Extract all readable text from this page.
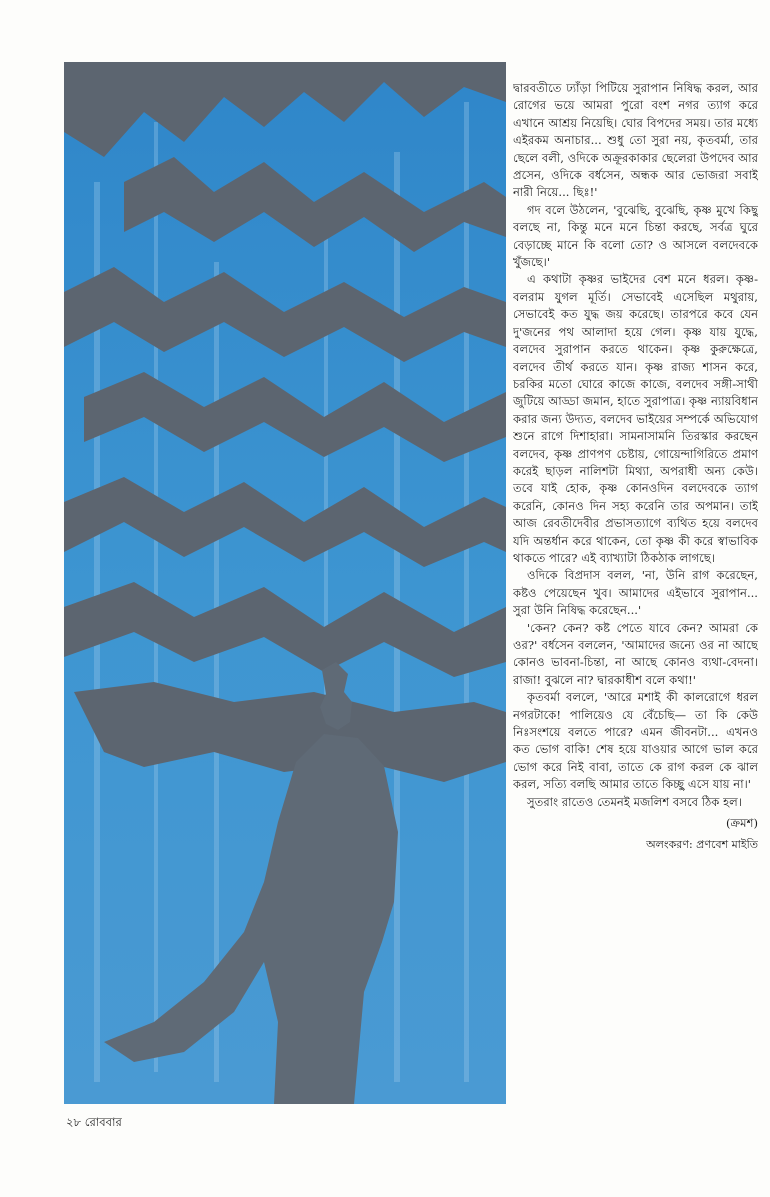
দ্বারবতীতে ঢ্যাঁড়া পিটিয়ে সুরাপান নিষিদ্ধ করল, আর রোগের ভয়ে আমরা পুরো বংশ নগর ত্যাগ করে এখানে আশ্রয় নিয়েছি। ঘোর বিপদের সময়। তার মধ্যে এইরকম অনাচার... শুধু তো সুরা নয়, কৃতবর্মা, তার ছেলে বলী, ওদিকে অক্রূরকাকার ছেলেরা উপদেব আর প্রসেন, ওদিকে বর্ধসেন, অন্ধক আর ভোজরা সবাই নারী নিয়ে... ছিঃ!'

গদ বলে উঠলেন, 'বুঝেছি, বুঝেছি, কৃষ্ণ মুখে কিছু বলছে না, কিন্তু মনে মনে চিন্তা করছে, সর্বত্র ঘুরে বেড়াচ্ছে মানে কি বলো তো? ও আসলে বলদেবকে খুঁজছে।'

এ কথাটা কৃষ্ণর ভাইদের বেশ মনে ধরল। কৃষ্ণ-বলরাম যুগল মূর্তি। সেভাবেই এসেছিল মথুরায়, সেভাবেই কত যুদ্ধ জয় করেছে। তারপরে কবে যেন দু'জনের পথ আলাদা হয়ে গেল। কৃষ্ণ যায় যুদ্ধে, বলদেব সুরাপান করতে থাকেন। কৃষ্ণ কুরুক্ষেত্রে, বলদেব তীর্থ করতে যান। কৃষ্ণ রাজ্য শাসন করে, চরকির মতো ঘোরে কাজে কাজে, বলদেব সঙ্গী-সাথী জুটিয়ে আড্ডা জমান, হাতে সুরাপাত্র। কৃষ্ণ ন্যায়বিধান করার জন্য উদ্যত, বলদেব ভাইয়ের সম্পর্কে অভিযোগ শুনে রাগে দিশাহারা। সামনাসামনি তিরস্কার করছেন বলদেব, কৃষ্ণ প্রাণপণ চেষ্টায়, গোয়েন্দাগিরিতে প্রমাণ করেই ছাড়ল নালিশটা মিথ্যা, অপরাধী অন্য কেউ। তবে যাই হোক, কৃষ্ণ কোনওদিন বলদেবকে ত্যাগ করেনি, কোনও দিন সহ্য করেনি তার অপমান। তাই আজ রেবতীদেবীর প্রভাসত্যাগে ব্যথিত হয়ে বলদেব যদি অন্তর্ধান করে থাকেন, তো কৃষ্ণ কী করে স্বাভাবিক থাকতে পারে? এই ব্যাখ্যাটা ঠিকঠাক লাগছে।

ওদিকে বিপ্রদাস বলল, 'না, উনি রাগ করেছেন, কষ্টও পেয়েছেন খুব। আমাদের এইভাবে সুরাপান... সুরা উনি নিষিদ্ধ করেছেন...'

'কেন? কেন? কষ্ট পেতে যাবে কেন? আমরা কে ওর?' বর্ধসেন বললেন, 'আমাদের জন্যে ওর না আছে কোনও ভাবনা-চিন্তা, না আছে কোনও ব্যথা-বেদনা। রাজা! বুঝলে না? দ্বারকাধীশ বলে কথা!'

কৃতবর্মা বললে, 'আরে মশাই কী কালরোগে ধরল নগরটাকে! পালিয়েও যে বেঁচেছি— তা কি কেউ নিঃসংশয়ে বলতে পারে? এমন জীবনটা... এখনও কত ভোগ বাকি! শেষ হয়ে যাওয়ার আগে ভাল করে ভোগ করে নিই বাবা, তাতে কে রাগ করল কে ঝাল করল, সত্যি বলছি আমার তাতে কিচ্ছু এসে যায় না।'

সুতরাং রাতেও তেমনই মজলিশ বসবে ঠিক হল।

(ক্রমশ)
অলংকরণ: প্রণবেশ মাইতি
২৮ রোববার
